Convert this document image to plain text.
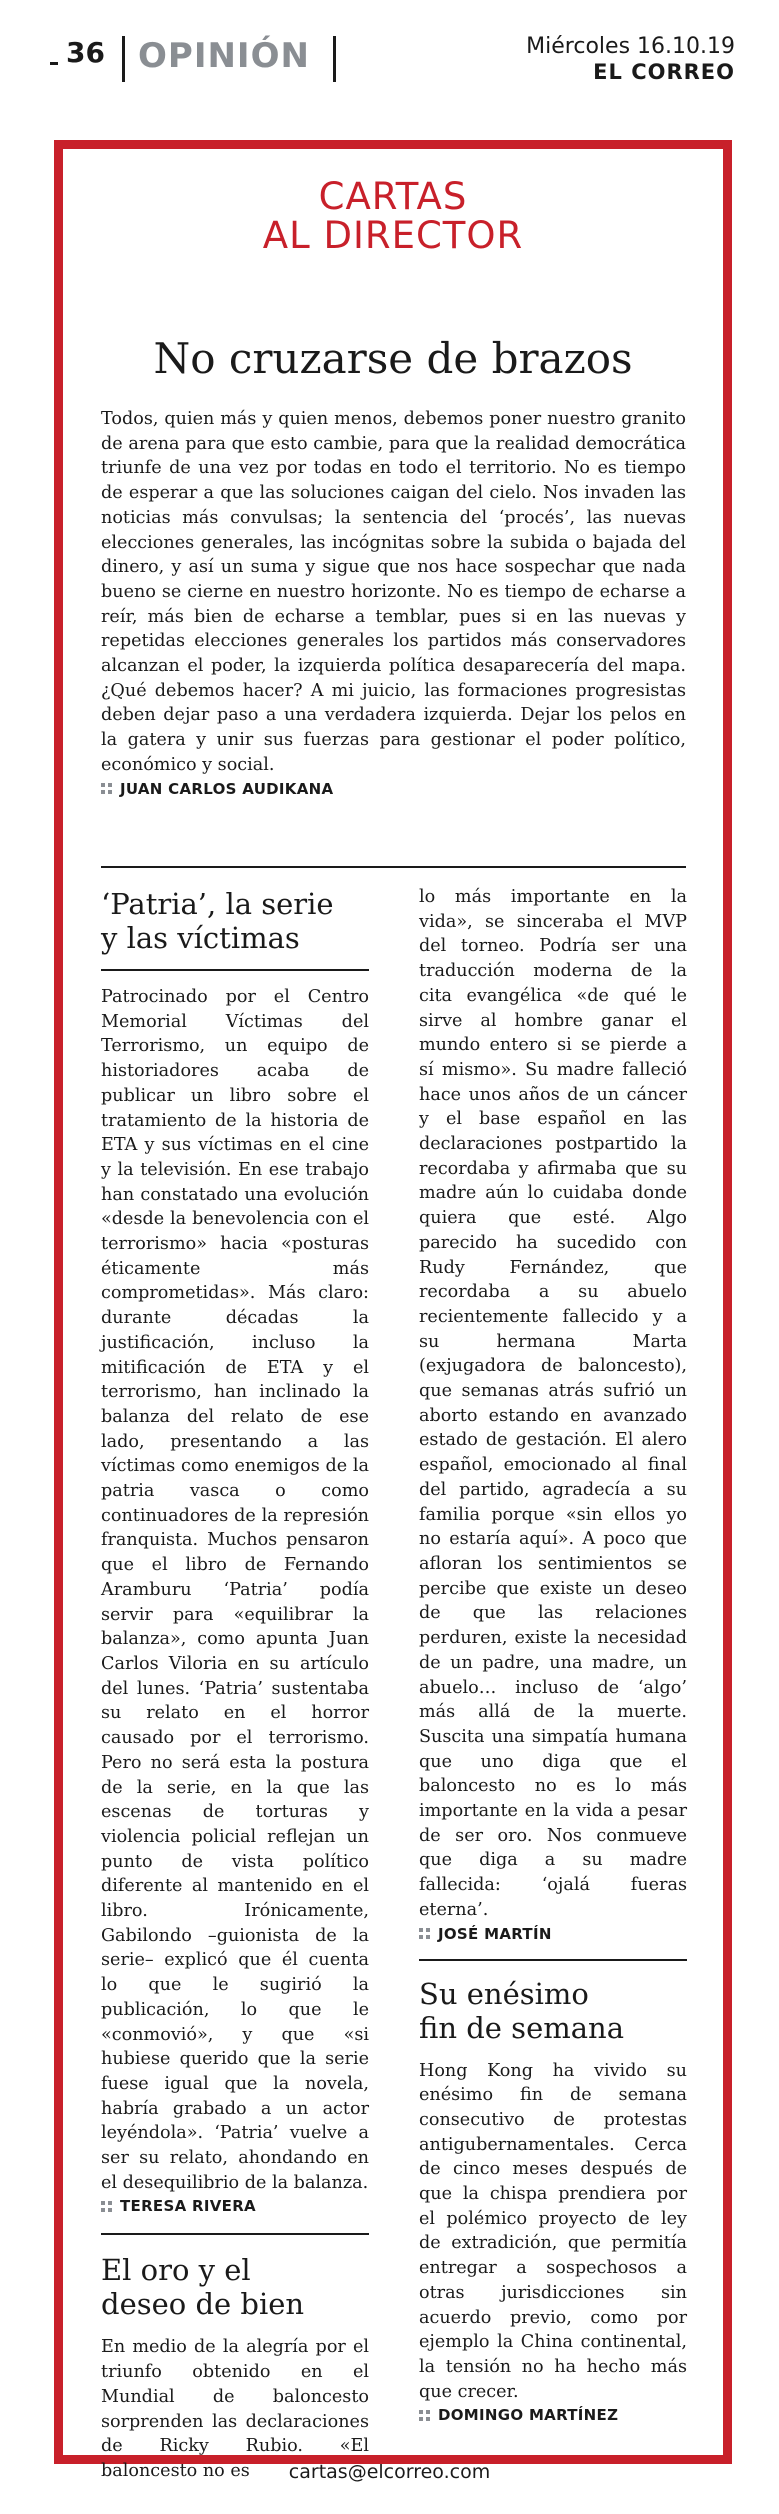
36 OPINIÓN	Miércoles 16.10.19
EL CORREO
CARTAS
AL DIRECTOR
No cruzarse de brazos
Todos, quien más y quien menos, debemos poner nuestro granito de arena para que esto cambie, para que la realidad democrática triunfe de una vez por todas en todo el territorio. No es tiempo de esperar a que las soluciones caigan del cielo. Nos invaden las noticias más convulsas; la sentencia del ‘procés’, las nuevas elecciones generales, las incógnitas sobre la subida o bajada del dinero, y así un suma y sigue que nos hace sospechar que nada bueno se cierne en nuestro horizonte. No es tiempo de echarse a reír, más bien de echarse a temblar, pues si en las nuevas y repetidas elecciones generales los partidos más conservadores alcanzan el poder, la izquierda política desaparecería del mapa. ¿Qué debemos hacer? A mi juicio, las formaciones progresistas deben dejar paso a una verdadera izquierda. Dejar los pelos en la gatera y unir sus fuerzas para gestionar el poder político, económico y social.
JUAN CARLOS AUDIKANA
‘Patria’, la serie
y las víctimas
Patrocinado por el Centro Memorial Víctimas del Terrorismo, un equipo de historiadores acaba de publicar un libro sobre el tratamiento de la historia de ETA y sus víctimas en el cine y la televisión. En ese trabajo han constatado una evolución «desde la benevolencia con el terrorismo» hacia «posturas éticamente más comprometidas». Más claro: durante décadas la justificación, incluso la mitificación de ETA y el terrorismo, han inclinado la balanza del relato de ese lado, presentando a las víctimas como enemigos de la patria vasca o como continuadores de la represión franquista. Muchos pensaron que el libro de Fernando Aramburu ‘Patria’ podía servir para «equilibrar la balanza», como apunta Juan Carlos Viloria en su artículo del lunes. ‘Patria’ sustentaba su relato en el horror causado por el terrorismo. Pero no será esta la postura de la serie, en la que las escenas de torturas y violencia policial reflejan un punto de vista político diferente al mantenido en el libro. Irónicamente, Gabilondo –guionista de la serie– explicó que él cuenta lo que le sugirió la publicación, lo que le «conmovió», y que «si hubiese querido que la serie fuese igual que la novela, habría grabado a un actor leyéndola». ‘Patria’ vuelve a ser su relato, ahondando en el desequilibrio de la balanza.
TERESA RIVERA
El oro y el
deseo de bien
En medio de la alegría por el triunfo obtenido en el Mundial de baloncesto sorprenden las declaraciones de Ricky Rubio. «El baloncesto no es
lo más importante en la vida», se sinceraba el MVP del torneo. Podría ser una traducción moderna de la cita evangélica «de qué le sirve al hombre ganar el mundo entero si se pierde a sí mismo». Su madre falleció hace unos años de un cáncer y el base español en las declaraciones postpartido la recordaba y afirmaba que su madre aún lo cuidaba donde quiera que esté. Algo parecido ha sucedido con Rudy Fernández, que recordaba a su abuelo recientemente fallecido y a su hermana Marta (exjugadora de baloncesto), que semanas atrás sufrió un aborto estando en avanzado estado de gestación. El alero español, emocionado al final del partido, agradecía a su familia porque «sin ellos yo no estaría aquí». A poco que afloran los sentimientos se percibe que existe un deseo de que las relaciones perduren, existe la necesidad de un padre, una madre, un abuelo… incluso de ‘algo’ más allá de la muerte. Suscita una simpatía humana que uno diga que el baloncesto no es lo más importante en la vida a pesar de ser oro. Nos conmueve que diga a su madre fallecida: ‘ojalá fueras eterna’.
JOSÉ MARTÍN
Su enésimo
fin de semana
Hong Kong ha vivido su enésimo fin de semana consecutivo de protestas antigubernamentales. Cerca de cinco meses después de que la chispa prendiera por el polémico proyecto de ley de extradición, que permitía entregar a sospechosos a otras jurisdicciones sin acuerdo previo, como por ejemplo la China continental, la tensión no ha hecho más que crecer.
DOMINGO MARTÍNEZ
cartas@elcorreo.com
